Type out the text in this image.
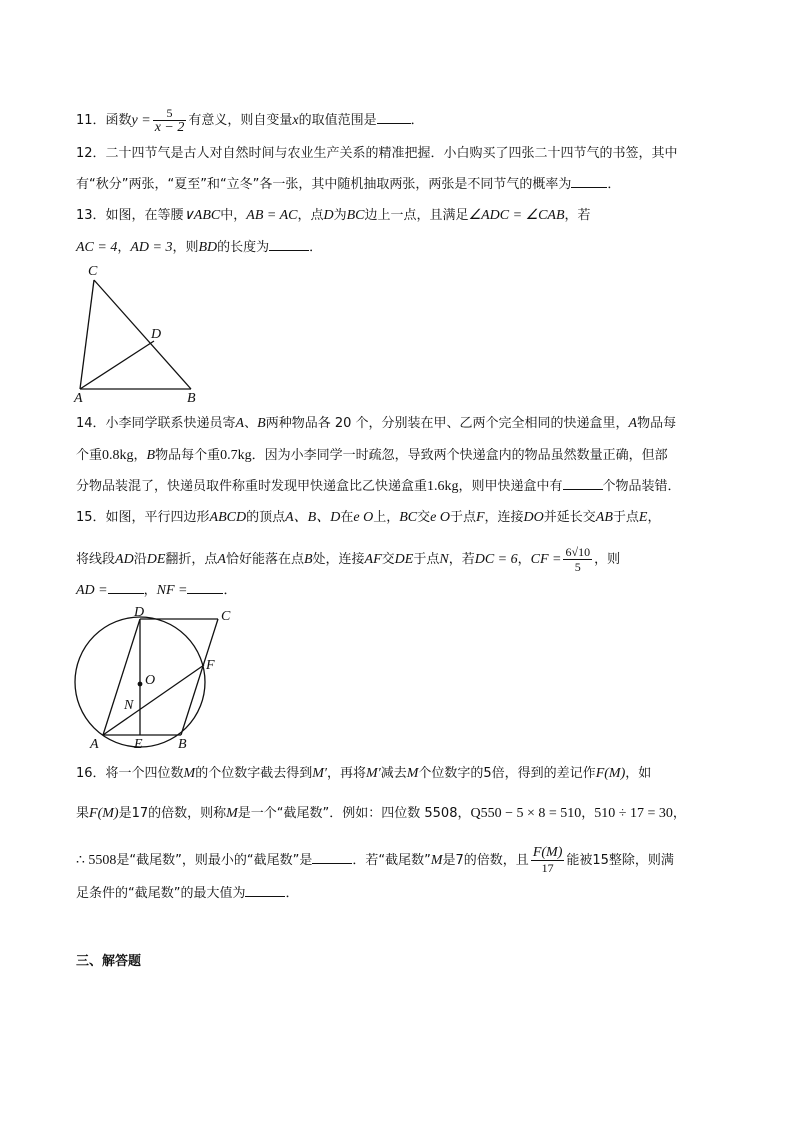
11．函数$y = \frac{5}{x - 2}$ 有意义，则自变量x的取值范围是	．
12．二十四节气是古人对自然时间与农业生产关系的精准把握．小白购买了四张二十四节气的书签，其中
有“秋分”两张，“夏至”和“立冬”各一张，其中随机抽取两张，两张是不同节气的概率为	．
13．如图，在等腰∨ABC中，AB = AC，点D为BC边上一点，且满足∠ADC = ∠CAB，若
AC = 4，AD = 3，则BD的长度为	．
C
D
A	B
14．小李同学联系快递员寄A、B两种物品各 20 个，分别装在甲、乙两个完全相同的快递盒里，A物品每
个重0.8kg，B物品每个重0.7kg．因为小李同学一时疏忽，导致两个快递盒内的物品虽然数量正确，但部
分物品装混了，快递员取件称重时发现甲快递盒比乙快递盒重1.6kg，则甲快递盒中有	个物品装错．
15．如图，平行四边形ABCD的顶点A、B、D在e O上，BC交e O于点F，连接DO并延长交AB于点E，
将线段AD沿DE翻折，点A恰好能落在点B处，连接AF交DE于点N，若DC = 6，CF = $\frac{6√10}{5}$ ，则
AD =	，NF =	．
D	C
O
F
N
A	E	B
16．将一个四位数M的个位数字截去得到M′，再将M′减去M个位数字的5倍，得到的差记作F(M)，如
果F(M)是17的倍数，则称M是一个“截尾数”．例如：四位数 5508，Q550 − 5 × 8 = 510，510 ÷ 17 = 30，
∴ 5508是“截尾数”，则最小的“截尾数”是	．若“截尾数”M是7的倍数，且 $\frac{F(M)}{17}$ 能被15整除，则满
足条件的“截尾数”的最大值为	．
三、解答题
